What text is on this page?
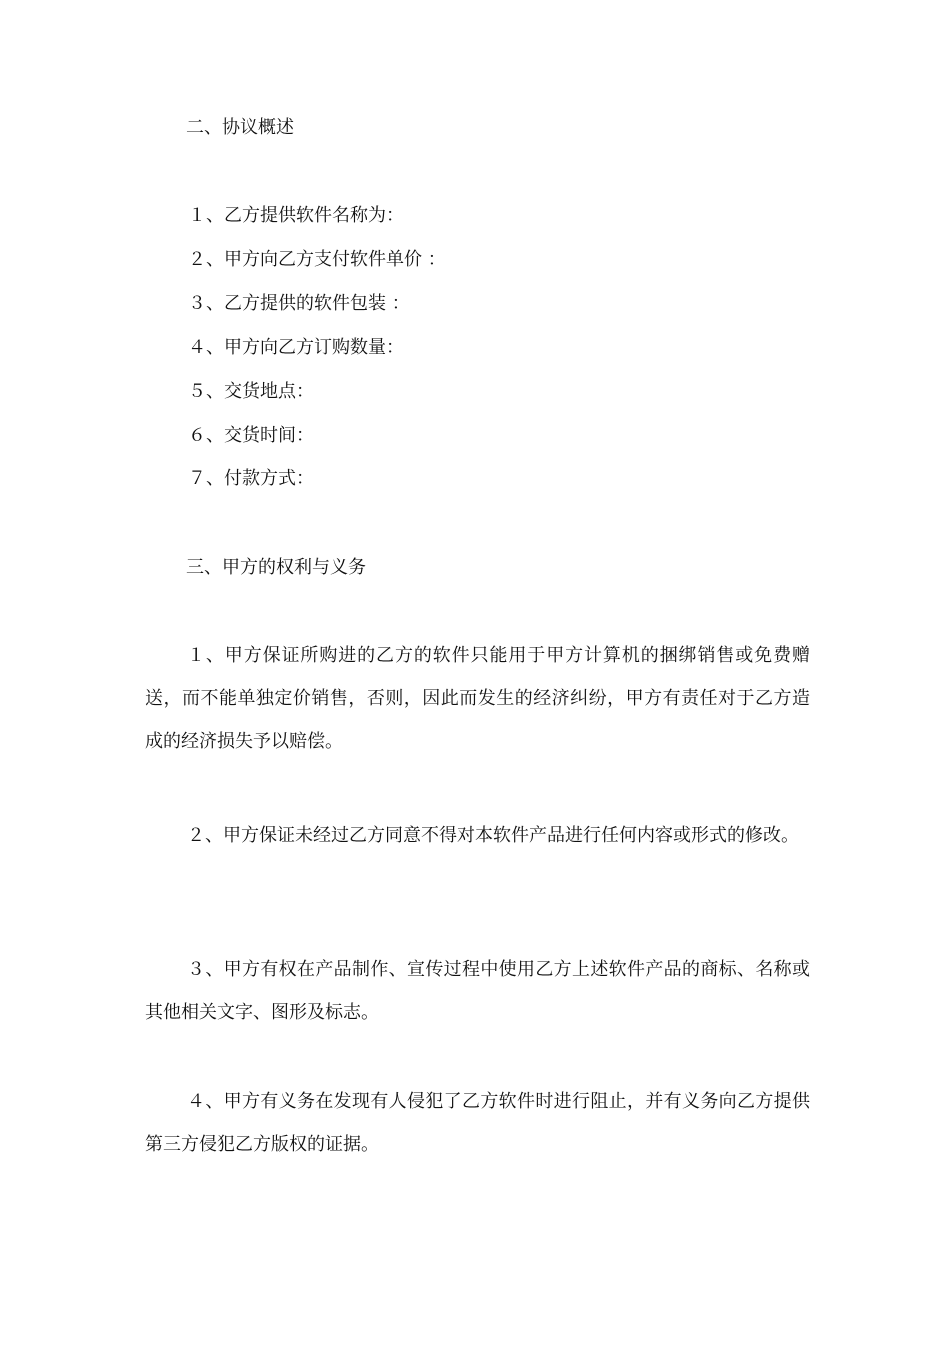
二、协议概述
１、乙方提供软件名称为：
２、甲方向乙方支付软件单价 ：
３、乙方提供的软件包装 ：
４、甲方向乙方订购数量：
５、交货地点：
６、交货时间：
７、付款方式：
三、甲方的权利与义务
１、甲方保证所购进的乙方的软件只能用于甲方计算机的捆绑销售或免费赠送，而不能单独定价销售，否则，因此而发生的经济纠纷，甲方有责任对于乙方造成的经济损失予以赔偿。
２、甲方保证未经过乙方同意不得对本软件产品进行任何内容或形式的修改。
３、甲方有权在产品制作、宣传过程中使用乙方上述软件产品的商标、名称或其他相关文字、图形及标志。
４、甲方有义务在发现有人侵犯了乙方软件时进行阻止，并有义务向乙方提供第三方侵犯乙方版权的证据。
